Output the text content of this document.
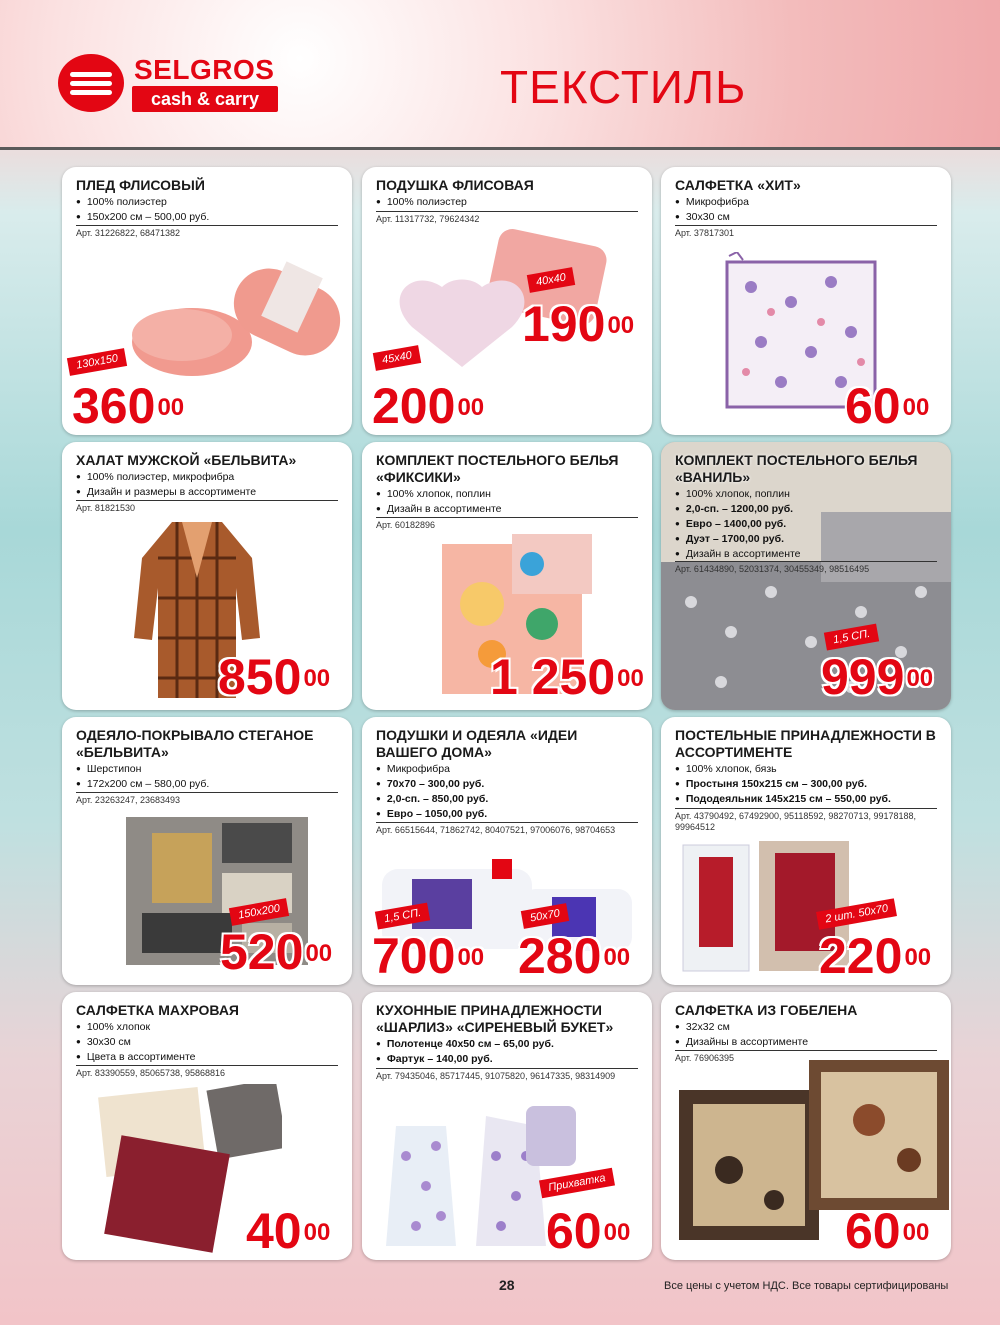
SELGROS
cash & carry	ТЕКСТИЛЬ
ПЛЕД ФЛИСОВЫЙ
● 100% полиэстер
● 150x200 см – 500,00 руб.
Арт. 31226822, 68471382
130x150
$360^{00}$
ПОДУШКА ФЛИСОВАЯ
● 100% полиэстер
Арт. 11317732, 79624342
40x40
45x40
$190^{00}$
$200^{00}$
САЛФЕТКА «ХИТ»
● Микрофибра
● 30x30 см
Арт. 37817301
$60^{00}$
ХАЛАТ МУЖСКОЙ «БЕЛЬВИТА»
● 100% полиэстер, микрофибра
● Дизайн и размеры в ассортименте
Арт. 81821530
$850^{00}$
КОМПЛЕКТ ПОСТЕЛЬНОГО БЕЛЬЯ «ФИКСИКИ»
● 100% хлопок, поплин
● Дизайн в ассортименте
Арт. 60182896
1 $250^{00}$
КОМПЛЕКТ ПОСТЕЛЬНОГО БЕЛЬЯ «ВАНИЛЬ»
● 100% хлопок, поплин
● 2,0-сп. – 1200,00 руб.
● Евро – 1400,00 руб.
● Дуэт – 1700,00 руб.
● Дизайн в ассортименте
Арт. 61434890, 52031374, 30455349, 98516495
1,5 СП.
$999^{00}$
ОДЕЯЛО-ПОКРЫВАЛО СТЕГАНОЕ «БЕЛЬВИТА»
● Шерстипон
● 172x200 см – 580,00 руб.
Арт. 23263247, 23683493
150x200
$520^{00}$
ПОДУШКИ И ОДЕЯЛА «ИДЕИ ВАШЕГО ДОМА»
● Микрофибра
● 70x70 – 300,00 руб.
● 2,0-сп. – 850,00 руб.
● Евро – 1050,00 руб.
Арт. 66515644, 71862742, 80407521, 97006076, 98704653
1,5 СП.	50x70
$700^{00}$ $280^{00}$
ПОСТЕЛЬНЫЕ ПРИНАДЛЕЖНОСТИ В АССОРТИМЕНТЕ
● 100% хлопок, бязь
● Простыня 150x215 см – 300,00 руб.
● Пододеяльник 145x215 см – 550,00 руб.
Арт. 43790492, 67492900, 95118592, 98270713, 99178188, 99964512
2 шт. 50x70
$220^{00}$
САЛФЕТКА МАХРОВАЯ
● 100% хлопок
● 30x30 см
● Цвета в ассортименте
Арт. 83390559, 85065738, 95868816
$40^{00}$
КУХОННЫЕ ПРИНАДЛЕЖНОСТИ «ШАРЛИЗ» «СИРЕНЕВЫЙ БУКЕТ»
● Полотенце 40x50 см – 65,00 руб.
● Фартук – 140,00 руб.
Арт. 79435046, 85717445, 91075820, 96147335, 98314909
Прихватка
$60^{00}$
САЛФЕТКА ИЗ ГОБЕЛЕНА
● 32x32 см
● Дизайны в ассортименте
Арт. 76906395
$60^{00}$
28	Все цены с учетом НДС. Все товары сертифицированы
